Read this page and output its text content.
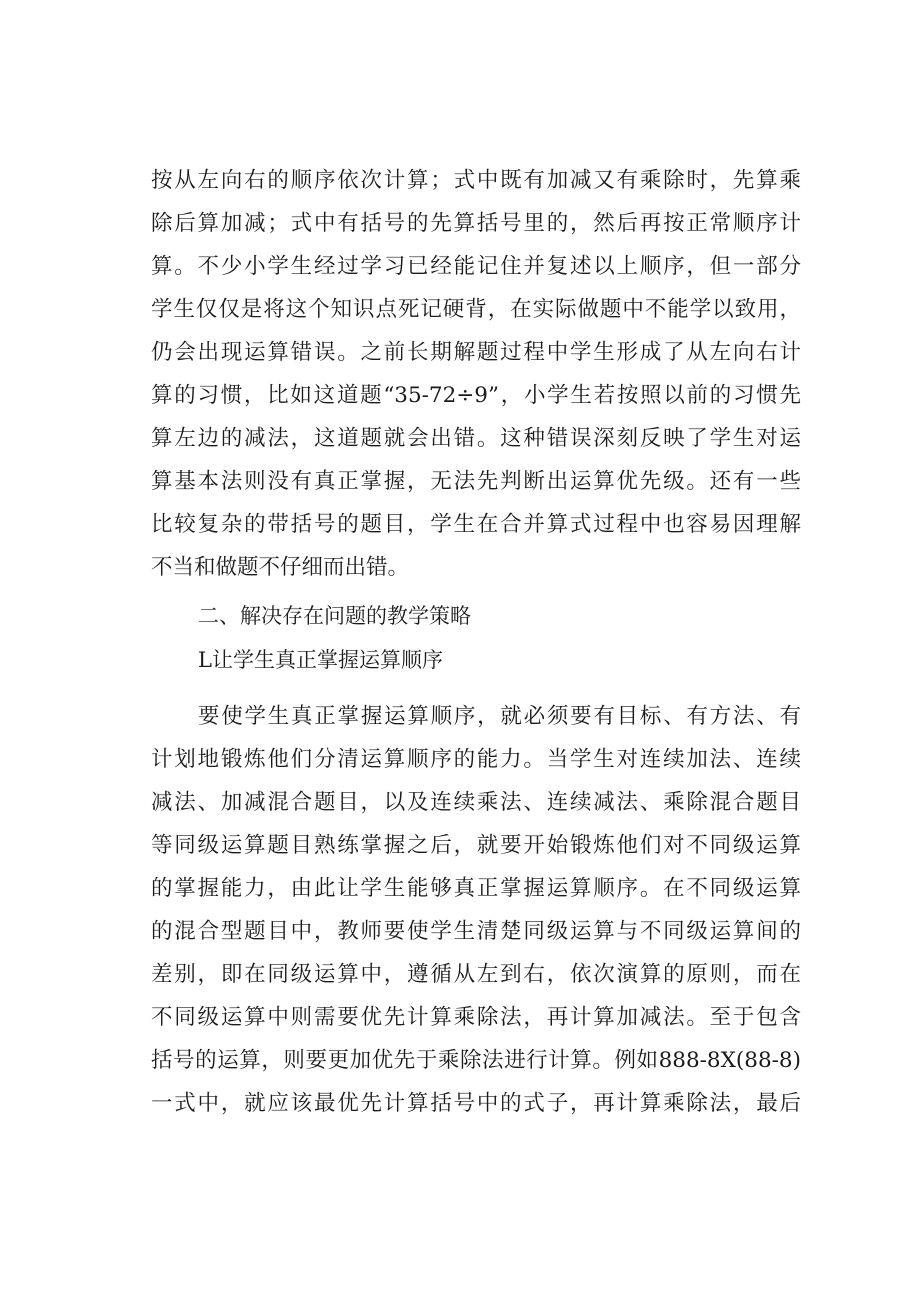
按从左向右的顺序依次计算；式中既有加减又有乘除时，先算乘
除后算加减；式中有括号的先算括号里的，然后再按正常顺序计
算。不少小学生经过学习已经能记住并复述以上顺序，但一部分
学生仅仅是将这个知识点死记硬背，在实际做题中不能学以致用，
仍会出现运算错误。之前长期解题过程中学生形成了从左向右计
算的习惯，比如这道题“35-72÷9”，小学生若按照以前的习惯先
算左边的减法，这道题就会出错。这种错误深刻反映了学生对运
算基本法则没有真正掌握，无法先判断出运算优先级。还有一些
比较复杂的带括号的题目，学生在合并算式过程中也容易因理解
不当和做题不仔细而出错。
二、解决存在问题的教学策略
L让学生真正掌握运算顺序
要使学生真正掌握运算顺序，就必须要有目标、有方法、有
计划地锻炼他们分清运算顺序的能力。当学生对连续加法、连续
减法、加减混合题目，以及连续乘法、连续减法、乘除混合题目
等同级运算题目熟练掌握之后，就要开始锻炼他们对不同级运算
的掌握能力，由此让学生能够真正掌握运算顺序。在不同级运算
的混合型题目中，教师要使学生清楚同级运算与不同级运算间的
差别，即在同级运算中，遵循从左到右，依次演算的原则，而在
不同级运算中则需要优先计算乘除法，再计算加减法。至于包含
括号的运算，则要更加优先于乘除法进行计算。例如888-8X(88-8)
一式中，就应该最优先计算括号中的式子，再计算乘除法，最后
